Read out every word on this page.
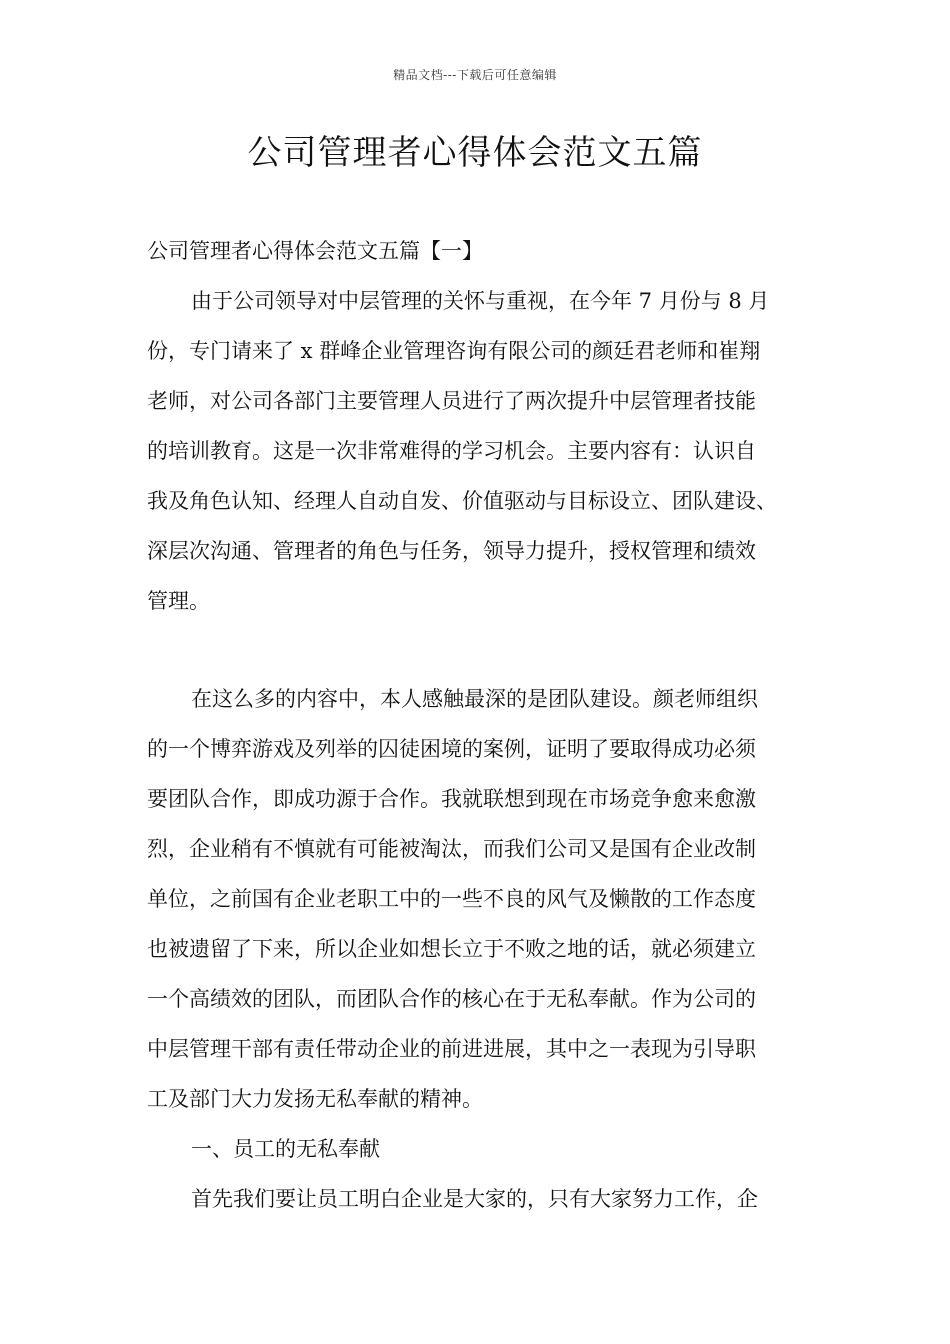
精品文档---下载后可任意编辑
公司管理者心得体会范文五篇
公司管理者心得体会范文五篇【一】
由于公司领导对中层管理的关怀与重视，在今年 7 月份与 8 月
份，专门请来了 x 群峰企业管理咨询有限公司的颜廷君老师和崔翔
老师，对公司各部门主要管理人员进行了两次提升中层管理者技能
的培训教育。这是一次非常难得的学习机会。主要内容有：认识自
我及角色认知、经理人自动自发、价值驱动与目标设立、团队建设、
深层次沟通、管理者的角色与任务，领导力提升，授权管理和绩效
管理。
在这么多的内容中，本人感触最深的是团队建设。颜老师组织
的一个博弈游戏及列举的囚徒困境的案例，证明了要取得成功必须
要团队合作，即成功源于合作。我就联想到现在市场竞争愈来愈激
烈，企业稍有不慎就有可能被淘汰，而我们公司又是国有企业改制
单位，之前国有企业老职工中的一些不良的风气及懒散的工作态度
也被遗留了下来，所以企业如想长立于不败之地的话，就必须建立
一个高绩效的团队，而团队合作的核心在于无私奉献。作为公司的
中层管理干部有责任带动企业的前进进展，其中之一表现为引导职
工及部门大力发扬无私奉献的精神。
一、员工的无私奉献
首先我们要让员工明白企业是大家的，只有大家努力工作，企
